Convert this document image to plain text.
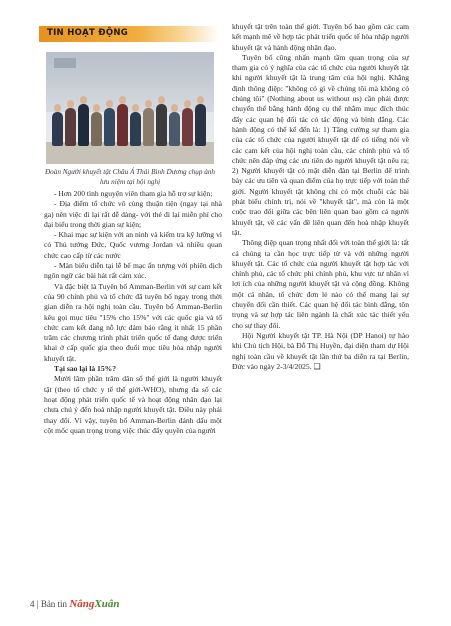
TIN HOẠT ĐỘNG
Đoàn Người khuyết tật Châu Á Thái Bình Dương chụp ảnh lưu niệm tại hội nghị

- Hơn 200 tình nguyện viên tham gia hỗ trợ sự kiện;

- Địa điểm tổ chức vô cùng thuận tiện (ngay tại nhà ga) nên việc đi lại rất dễ dàng- với thẻ đi lại miễn phí cho đại biểu trong thời gian sự kiện;

- Khai mạc sự kiện với an ninh và kiểm tra kỹ lưỡng vì có Thủ tướng Đức, Quốc vương Jordan và nhiều quan chức cao cấp từ các nước

- Màn biểu diễn tại lễ bế mạc ấn tượng với phiên dịch ngôn ngữ các bài hát rất cảm xúc.

Và đặc biệt là Tuyên bố Amman-Berlin với sự cam kết của 90 chính phủ và tổ chức đã tuyên bố ngay trong thời gian diễn ra hội nghị toàn cầu. Tuyên bố Amman-Berlin kêu gọi mục tiêu "15% cho 15%" với các quốc gia và tổ chức cam kết đang nỗ lực đảm bảo rằng ít nhất 15 phần trăm các chương trình phát triển quốc tế đang được triển khai ở cấp quốc gia theo đuổi mục tiêu hòa nhập người khuyết tật.

Tại sao lại là 15%?

Mười lăm phần trăm dân số thế giới là người khuyết tật (theo tổ chức y tế thế giới-WHO), nhưng đa số các hoạt động phát triển quốc tế và hoạt động nhân đạo lại chưa chú ý đến hoà nhập người khuyết tật. Điều này phải thay đổi. Vì vậy, tuyên bố Amman-Berlin đánh dấu một cột mốc quan trọng trong việc thúc đẩy quyền của người

khuyết tật trên toàn thế giới. Tuyên bố bao gồm các cam kết mạnh mẽ về hợp tác phát triển quốc tế hòa nhập người khuyết tật và hành động nhân đạo.

Tuyên bố cũng nhấn mạnh tầm quan trọng của sự tham gia có ý nghĩa của các tổ chức của người khuyết tật khi người khuyết tật là trung tâm của hội nghị. Khẳng định thông điệp: "không có gì về chúng tôi mà không có chúng tôi" (Nothing about us without us) cần phải được chuyển thể bằng hành động cụ thể nhằm mục đích thúc đẩy các quan hệ đối tác có tác động và bình đẳng. Các hành động có thể kể đến là: 1) Tăng cường sự tham gia của các tổ chức của người khuyết tật để có tiếng nói về các cam kết của hội nghị toàn cầu, các chính phủ và tổ chức nên đáp ứng các ưu tiên do người khuyết tật nêu ra; 2) Người khuyết tật có mặt diễn đàn tại Berlin để trình bày các ưu tiên và quan điểm của họ trực tiếp với toàn thế giới. Người khuyết tật không chỉ có một chuỗi các bài phát biểu chính trị, nói về "khuyết tật", mà còn là một cuộc trao đổi giữa các bên liên quan bao gồm cả người khuyết tật, về các vấn đề liên quan đến hoà nhập khuyết tật.

Thông điệp quan trọng nhất đối với toàn thế giới là: tất cả chúng ta cần học trực tiếp từ và với những người khuyết tật. Các tổ chức của người khuyết tật hợp tác với chính phủ, các tổ chức phi chính phủ, khu vực tư nhân vì lợi ích của những người khuyết tật và cộng đồng. Không một cá nhân, tổ chức đơn lẻ nào có thể mang lại sự chuyển đổi cần thiết. Các quan hệ đối tác bình đẳng, tôn trọng và sự hợp tác liên ngành là chất xúc tác thiết yếu cho sự thay đổi.

Hội Người khuyết tật TP. Hà Nội (DP Hanoi) tự hào khi Chủ tịch Hội, bà Đỗ Thị Huyền, đại diện tham dự Hội nghị toàn cầu về khuyết tật lần thứ ba diễn ra tại Berlin, Đức vào ngày 2-3/4/2025. ❑

4 | Bản tin NắngXuân
